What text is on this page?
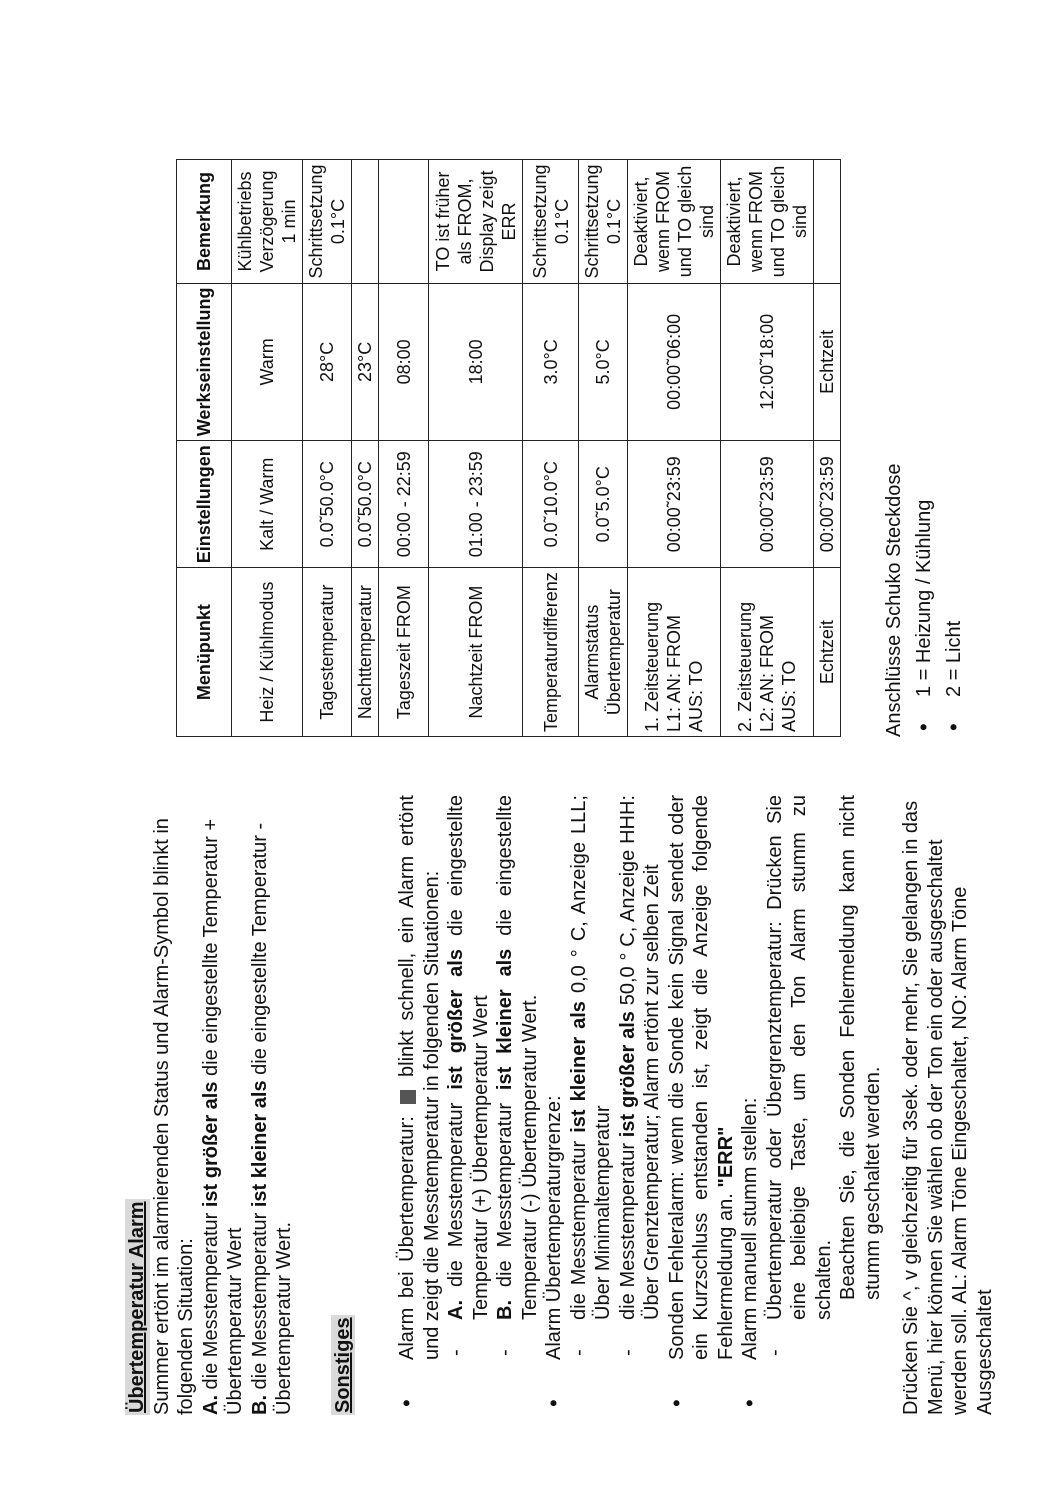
Übertemperatur Alarm Summer ertönt im alarmierenden Status und Alarm-Symbol blinkt in folgenden Situation: A. die Messtemperatur ist größer als die eingestellte Temperatur + Übertemperatur Wert B. die Messtemperatur ist kleiner als die eingestellte Temperatur - Übertemperatur Wert. Sonstiges
• Alarm bei Übertemperatur:  blinkt schnell, ein Alarm ertönt und zeigt die Messtemperatur in folgenden Situationen: - A. die Messtemperatur ist größer als die eingestellte Temperatur (+) Übertemperatur Wert - B. die Messtemperatur ist kleiner als die eingestellte Temperatur (-) Übertemperatur Wert. • Alarm Übertemperaturgrenze: - die Messtemperatur ist kleiner als 0,0 ° C, Anzeige LLL; Über Minimaltemperatur - die Messtemperatur ist größer als 50,0 ° C, Anzeige HHH: Über Grenztemperatur; Alarm ertönt zur selben Zeit • Sonden Fehleralarm: wenn die Sonde kein Signal sendet oder ein Kurzschluss entstanden ist, zeigt die Anzeige folgende Fehlermeldung an. "ERR" • Alarm manuell stumm stellen: - Übertemperatur oder Übergrenztemperatur: Drücken Sie eine beliebige Taste, um den Ton Alarm stumm zu schalten. Beachten Sie, die Sonden Fehlermeldung kann nicht stumm geschaltet werden. Drücken Sie ^, v gleichzeitig für 3sek. oder mehr, Sie gelangen in das Menü, hier können Sie wählen ob der Ton ein oder ausgeschaltet werden soll. AL: Alarm Töne Eingeschaltet, NO: Alarm Töne Ausgeschaltet

Menüpunkt	Einstellungen	Werkseinstellung	Bemerkung
Heiz / Kühlmodus	Kalt / Warm	Warm	Kühlbetriebs Verzögerung 1 min
Tagestemperatur	0.0˜50.0°C	28°C	Schrittsetzung 0.1°C
Nachttemperatur	0.0˜50.0°C	23°C	
Tageszeit FROM	00:00 - 22:59	08:00	
Nachtzeit FROM	01:00 - 23:59	18:00	TO ist früher als FROM, Display zeigt ERR
Temperaturdifferenz	0.0˜10.0°C	3.0°C	Schrittsetzung 0.1°C
Alarmstatus Übertemperatur	0.0˜5.0°C	5.0°C	Schrittsetzung 0.1°C
1. Zeitsteuerung L1: AN: FROM AUS: TO	00:00˜23:59	00:00˜06:00	Deaktiviert, wenn FROM und TO gleich sind
2. Zeitsteuerung L2: AN: FROM AUS: TO	00:00˜23:59	12:00˜18:00	Deaktiviert, wenn FROM und TO gleich sind
Echtzeit	00:00˜23:59	Echtzeit	
Anschlüsse Schuko Steckdose • 1 = Heizung / Kühlung • 2 = Licht
